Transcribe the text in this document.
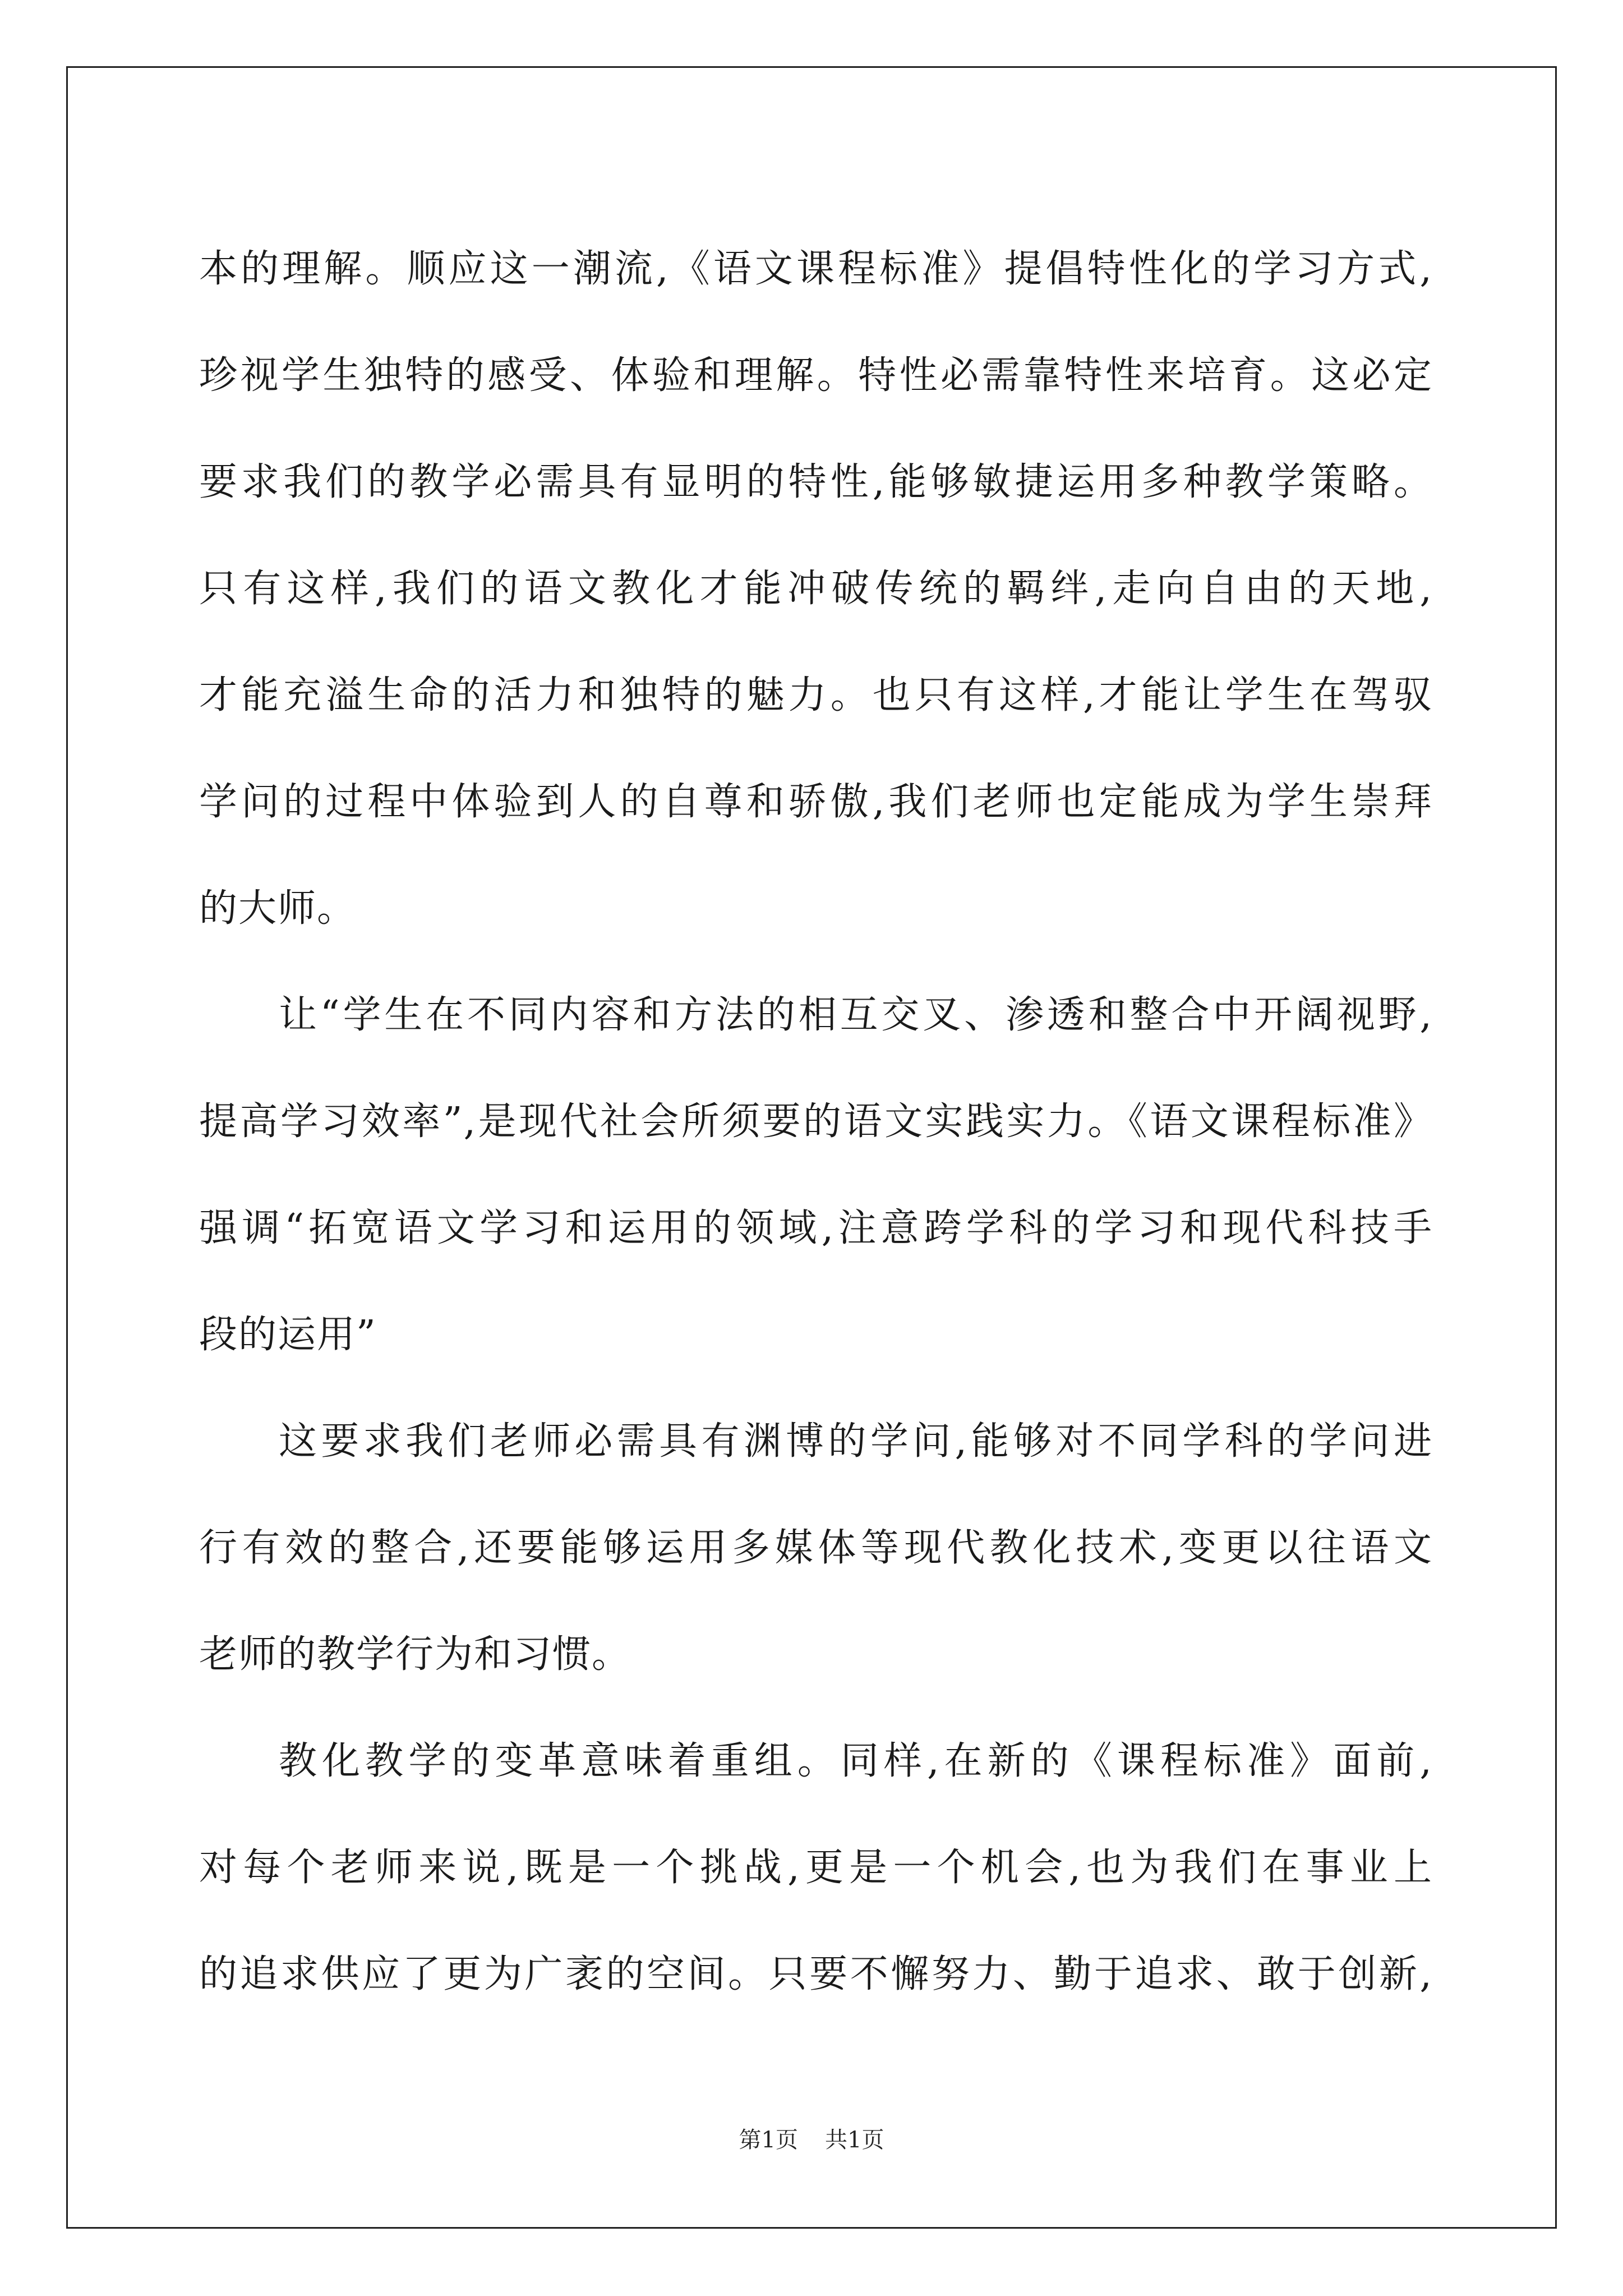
本的理解。顺应这一潮流,《语文课程标准》提倡特性化的学习方式,
珍视学生独特的感受、体验和理解。特性必需靠特性来培育。这必定
要求我们的教学必需具有显明的特性,能够敏捷运用多种教学策略。
只有这样,我们的语文教化才能冲破传统的羁绊,走向自由的天地,
才能充溢生命的活力和独特的魅力。也只有这样,才能让学生在驾驭
学问的过程中体验到人的自尊和骄傲,我们老师也定能成为学生崇拜
的大师。
让“学生在不同内容和方法的相互交叉、渗透和整合中开阔视野,
提高学习效率”,是现代社会所须要的语文实践实力。《语文课程标准》
强调“拓宽语文学习和运用的领域,注意跨学科的学习和现代科技手
段的运用”
这要求我们老师必需具有渊博的学问,能够对不同学科的学问进
行有效的整合,还要能够运用多媒体等现代教化技术,变更以往语文
老师的教学行为和习惯。
教化教学的变革意味着重组。同样,在新的《课程标准》面前,
对每个老师来说,既是一个挑战,更是一个机会,也为我们在事业上
的追求供应了更为广袤的空间。只要不懈努力、勤于追求、敢于创新,
第1页 共1页
